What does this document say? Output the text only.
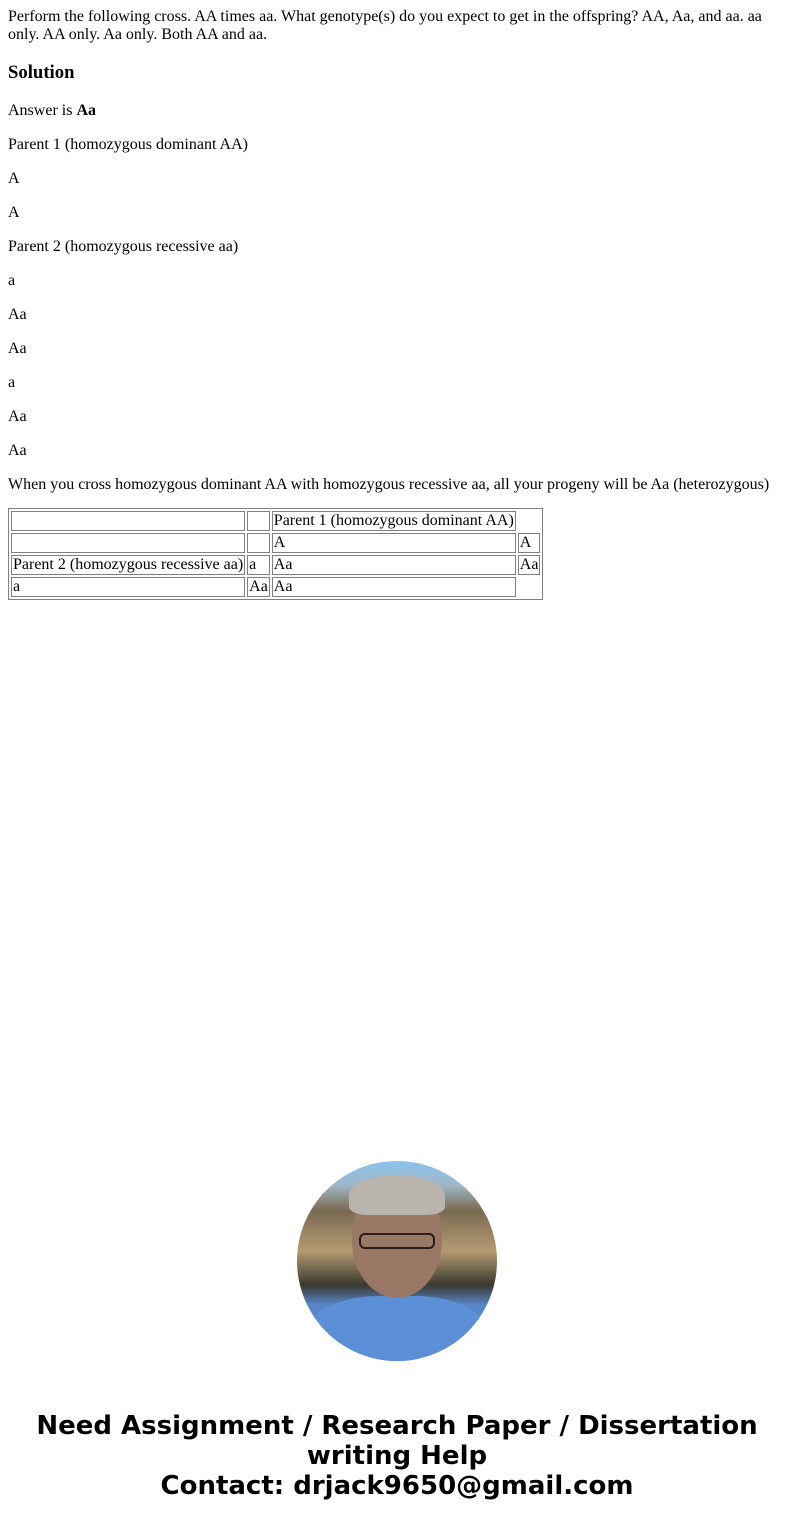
Perform the following cross. AA times aa. What genotype(s) do you expect to get in the offspring? AA, Aa, and aa. aa only. AA only. Aa only. Both AA and aa.

Solution

Answer is Aa

Parent 1 (homozygous dominant AA)

A

A

Parent 2 (homozygous recessive aa)

a

Aa

Aa

a

Aa

Aa

When you cross homozygous dominant AA with homozygous recessive aa, all your progeny will be Aa (heterozygous)

		Parent 1 (homozygous dominant AA)	
		A	A
Parent 2 (homozygous recessive aa)	a	Aa	Aa
a	Aa	Aa	
Need Assignment / Research Paper / Dissertation
writing Help
Contact: drjack9650@gmail.com
